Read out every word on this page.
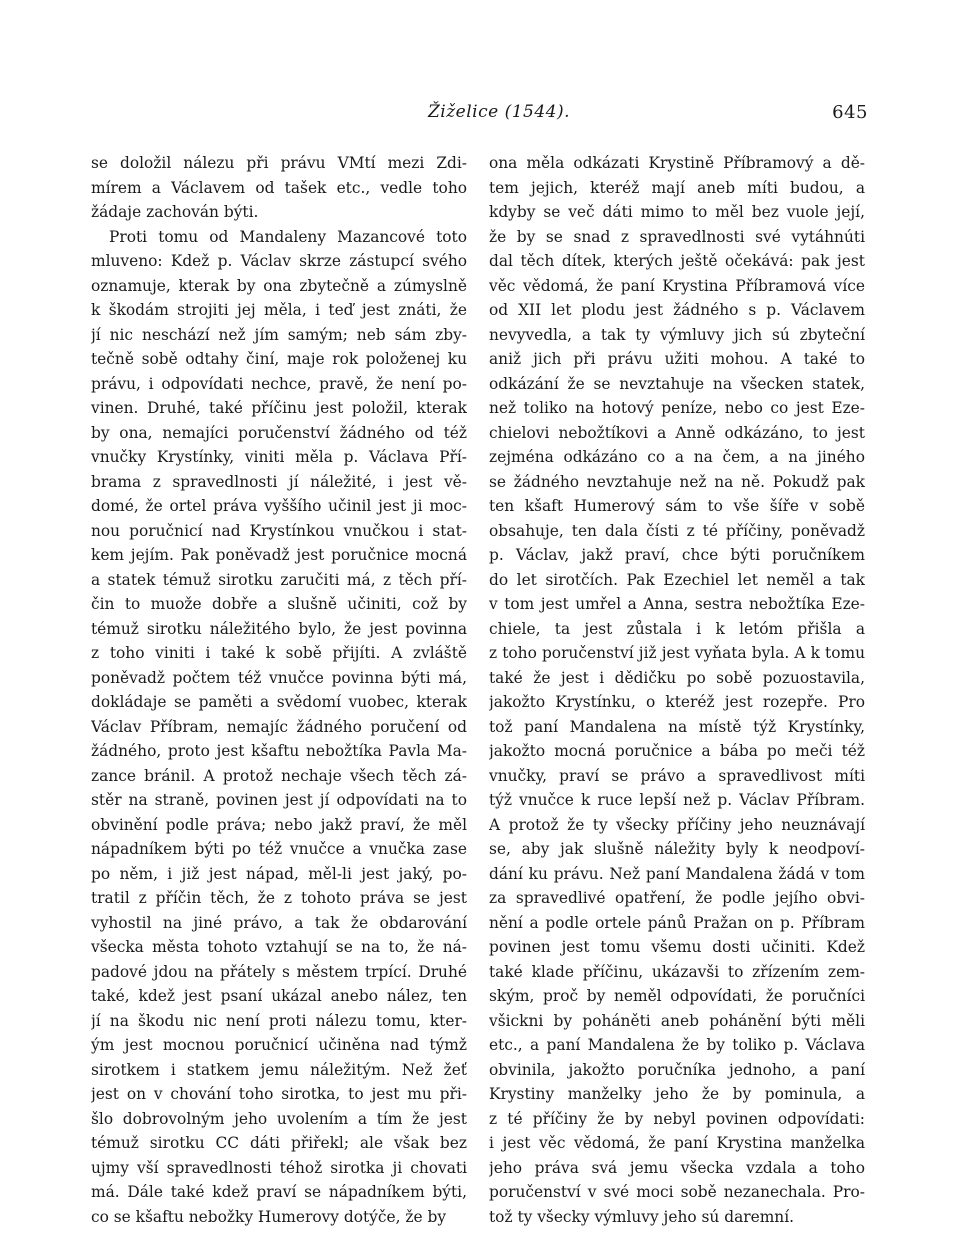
Žiželice (1544).	645
se doložil nálezu při právu VMtí mezi Zdi-
mírem a Václavem od tašek etc., vedle toho
žádaje zachován býti.
Proti tomu od Mandaleny Mazancové toto
mluveno: Kdež p. Václav skrze zástupcí svého
oznamuje, kterak by ona zbytečně a zúmyslně
k škodám strojiti jej měla, i teď jest znáti, že
jí nic neschází než jím samým; neb sám zby-
tečně sobě odtahy činí, maje rok položenej ku
právu, i odpovídati nechce, pravě, že není po-
vinen. Druhé, také příčinu jest položil, kterak
by ona, nemajíci poručenství žádného od též
vnučky Krystínky, viniti měla p. Václava Pří-
brama z spravedlnosti jí náležité, i jest vě-
domé, že ortel práva vyššího učinil jest ji moc-
nou poručnicí nad Krystínkou vnučkou i stat-
kem jejím. Pak poněvadž jest poručnice mocná
a statek témuž sirotku zaručiti má, z těch pří-
čin to muože dobře a slušně učiniti, což by
témuž sirotku náležitého bylo, že jest povinna
z toho viniti i také k sobě přijíti. A zvláště
poněvadž počtem též vnučce povinna býti má,
dokládaje se paměti a svědomí vuobec, kterak
Václav Příbram, nemajíc žádného poručení od
žádného, proto jest kšaftu nebožtíka Pavla Ma-
zance bránil. A protož nechaje všech těch zá-
stěr na straně, povinen jest jí odpovídati na to
obvinění podle práva; nebo jakž praví, že měl
nápadníkem býti po též vnučce a vnučka zase
po něm, i již jest nápad, měl-li jest jaký, po-
tratil z příčin těch, že z tohoto práva se jest
vyhostil na jiné právo, a tak že obdarování
všecka města tohoto vztahují se na to, že ná-
padové jdou na přátely s městem trpící. Druhé
také, kdež jest psaní ukázal anebo nález, ten
jí na škodu nic není proti nálezu tomu, kter-
ým jest mocnou poručnicí učiněna nad týmž
sirotkem i statkem jemu náležitým. Než žeť
jest on v chování toho sirotka, to jest mu při-
šlo dobrovolným jeho uvolením a tím že jest
témuž sirotku CC dáti přiřekl; ale však bez
ujmy vší spravedlnosti téhož sirotka ji chovati
má. Dále také kdež praví se nápadníkem býti,
co se kšaftu nebožky Humerovy dotýče, že by
ona měla odkázati Krystině Příbramový a dě-
tem jejich, kteréž mají aneb míti budou, a
kdyby se več dáti mimo to měl bez vuole její,
že by se snad z spravedlnosti své vytáhnúti
dal těch dítek, kterých ještě očekává: pak jest
věc vědomá, že paní Krystina Příbramová více
od XII let plodu jest žádného s p. Václavem
nevyvedla, a tak ty výmluvy jich sú zbyteční
aniž jich při právu užiti mohou. A také to
odkázání že se nevztahuje na všecken statek,
než toliko na hotový peníze, nebo co jest Eze-
chielovi nebožtíkovi a Anně odkázáno, to jest
zejména odkázáno co a na čem, a na jiného
se žádného nevztahuje než na ně. Pokudž pak
ten kšaft Humerový sám to vše šíře v sobě
obsahuje, ten dala čísti z té příčiny, poněvadž
p. Václav, jakž praví, chce býti poručníkem
do let sirotčích. Pak Ezechiel let neměl a tak
v tom jest umřel a Anna, sestra nebožtíka Eze-
chiele, ta jest zůstala i k letóm přišla a
z toho poručenství již jest vyňata byla. A k tomu
také že jest i dědičku po sobě pozuostavila,
jakožto Krystínku, o kteréž jest rozepře. Pro
tož paní Mandalena na místě týž Krystínky,
jakožto mocná poručnice a bába po meči též
vnučky, praví se právo a spravedlivost míti
týž vnučce k ruce lepší než p. Václav Příbram.
A protož že ty všecky příčiny jeho neuznávají
se, aby jak slušně náležity byly k neodpoví-
dání ku právu. Než paní Mandalena žádá v tom
za spravedlivé opatření, že podle jejího obvi-
nění a podle ortele pánů Pražan on p. Příbram
povinen jest tomu všemu dosti učiniti. Kdež
také klade příčinu, ukázavši to zřízením zem-
ským, proč by neměl odpovídati, že poručníci
všickni by poháněti aneb pohánění býti měli
etc., a paní Mandalena že by toliko p. Václava
obvinila, jakožto poručníka jednoho, a paní
Krystiny manželky jeho že by pominula, a
z té příčiny že by nebyl povinen odpovídati:
i jest věc vědomá, že paní Krystina manželka
jeho práva svá jemu všecka vzdala a toho
poručenství v své moci sobě nezanechala. Pro-
tož ty všecky výmluvy jeho sú daremní.
